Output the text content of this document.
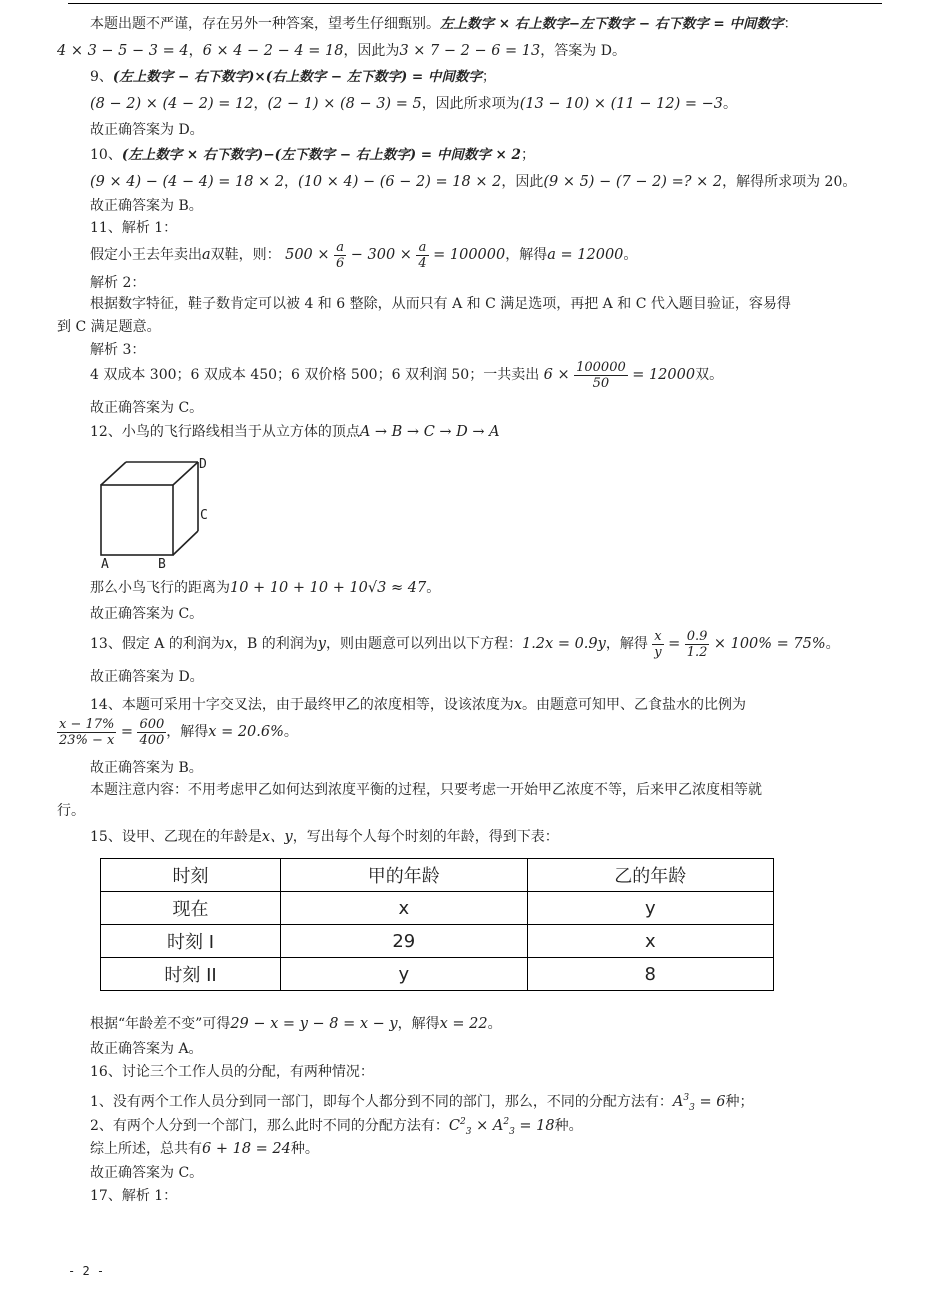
本题出题不严谨，存在另外一种答案，望考生仔细甄别。左上数字 × 右上数字−左下数字 − 右下数字 = 中间数字：
4 × 3 − 5 − 3 = 4，6 × 4 − 2 − 4 = 18，因此为3 × 7 − 2 − 6 = 13，答案为 D。
9、(左上数字 − 右下数字)×(右上数字 − 左下数字) = 中间数字；
(8 − 2) × (4 − 2) = 12，(2 − 1) × (8 − 3) = 5，因此所求项为(13 − 10) × (11 − 12) = −3。
故正确答案为 D。
10、(左上数字 × 右下数字)−(左下数字 − 右上数字) = 中间数字 × 2；
(9 × 4) − (4 − 4) = 18 × 2，(10 × 4) − (6 − 2) = 18 × 2，因此(9 × 5) − (7 − 2) =? × 2，解得所求项为 20。
故正确答案为 B。
11、解析 1：
假定小王去年卖出a双鞋，则： $500 \times \frac{a}{6} - 300 \times \frac{a}{4} = 100000$，解得a = 12000。
解析 2：
根据数字特征，鞋子数肯定可以被 4 和 6 整除，从而只有 A 和 C 满足选项，再把 A 和 C 代入题目验证，容易得
到 C 满足题意。
解析 3：
4 双成本 300；6 双成本 450；6 双价格 500；6 双利润 50；一共卖出 $6 \times \frac{100000}{50} = 12000$双。
故正确答案为 C。
12、小鸟的飞行路线相当于从立方体的顶点A → B → C → D → A
D
C
A	B
那么小鸟飞行的距离为10 + 10 + 10 + 10√3 ≈ 47。
故正确答案为 C。
13、假定 A 的利润为x，B 的利润为y，则由题意可以列出以下方程：1.2x = 0.9y，解得 $\frac{x}{y} = \frac{0.9}{1.2} \times 100\% = 75\%$。
故正确答案为 D。
14、本题可采用十字交叉法，由于最终甲乙的浓度相等，设该浓度为x。由题意可知甲、乙食盐水的比例为
$\frac{x - 17\%}{23\% - x} = \frac{600}{400}$ ，解得x = 20.6%。
故正确答案为 B。
本题注意内容：不用考虑甲乙如何达到浓度平衡的过程，只要考虑一开始甲乙浓度不等，后来甲乙浓度相等就
行。
15、设甲、乙现在的年龄是x、y，写出每个人每个时刻的年龄，得到下表：
时刻	甲的年龄	乙的年龄
现在	x	y
时刻 I	29	x
时刻 II	y	8
根据“年龄差不变”可得29 − x = y − 8 = x − y，解得x = 22。
故正确答案为 A。
16、讨论三个工作人员的分配，有两种情况：
1、没有两个工作人员分到同一部门，即每个人都分到不同的部门，那么，不同的分配方法有：$A^3_3 = 6$种；
2、有两个人分到一个部门，那么此时不同的分配方法有：$C^2_3 \times A^2_3 = 18$种。
综上所述，总共有6 + 18 = 24种。
故正确答案为 C。
17、解析 1：
- 2 -
